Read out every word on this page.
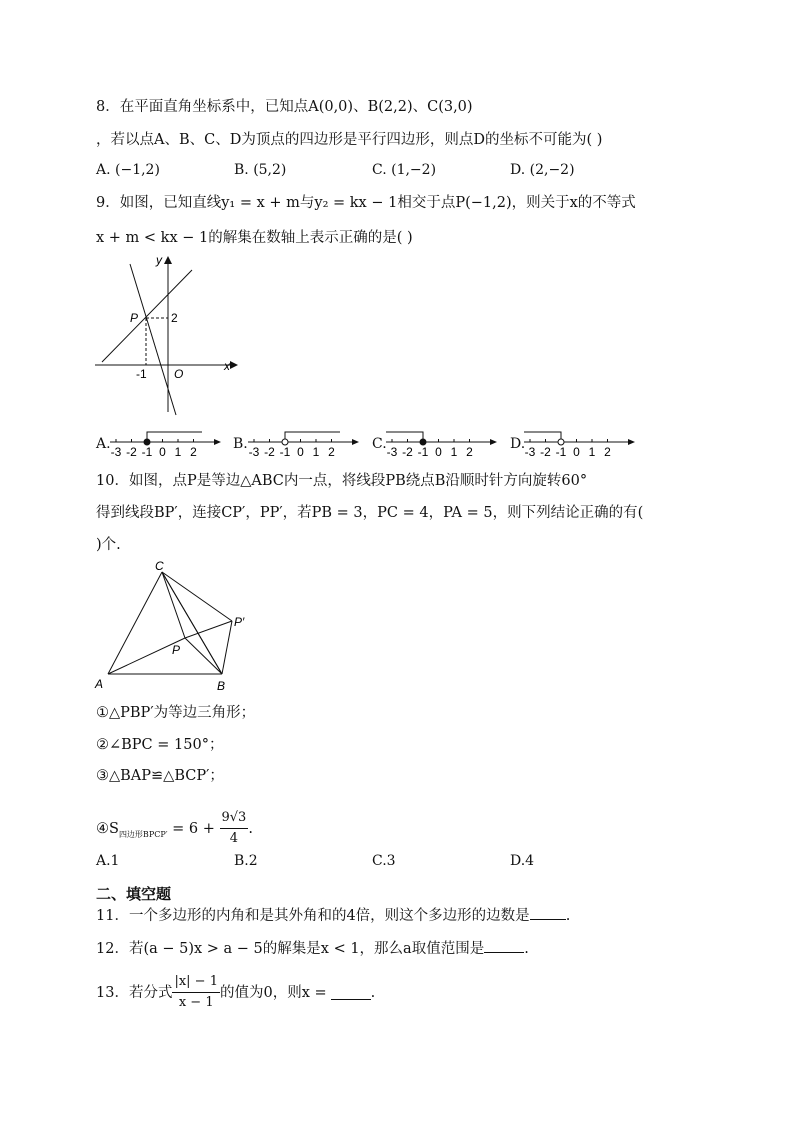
8．在平面直角坐标系中，已知点A(0,0)、B(2,2)、C(3,0)
，若以点A、B、C、D为顶点的四边形是平行四边形，则点D的坐标不可能为( )
A. (−1,2)	B. (5,2)	C. (1,−2)	D. (2,−2)
9．如图，已知直线y₁ = x + m与y₂ = kx − 1相交于点P(−1,2)，则关于x的不等式
x + m < kx − 1的解集在数轴上表示正确的是( )
y
x
P	2
-1 O
A.	B.	C.	D.
-3 -2 -1 0 1 2	-3 -2 -1 0 1 2	-3 -2 -1 0 1 2	-3 -2 -1 0 1 2
10．如图，点P是等边△ABC内一点，将线段PB绕点B沿顺时针方向旋转60°
得到线段BP′，连接CP′，PP′，若PB = 3，PC = 4，PA = 5，则下列结论正确的有(
)个.
A	B
C
P
P′
①△PBP′为等边三角形；
②∠BPC = 150°；
③△BAP≌△BCP′；
④S 四边形BPCP′ = $6 + \frac{9√3}{4}$ .
A.1	B.2	C.3	D.4
二、填空题
11．一个多边形的内角和是其外角和的4倍，则这个多边形的边数是 .
12．若(a − 5)x > a − 5的解集是x < 1，那么a取值范围是	.
13．若分式 $\frac{|x| - 1}{x - 1}$ 的值为0，则x =	.
